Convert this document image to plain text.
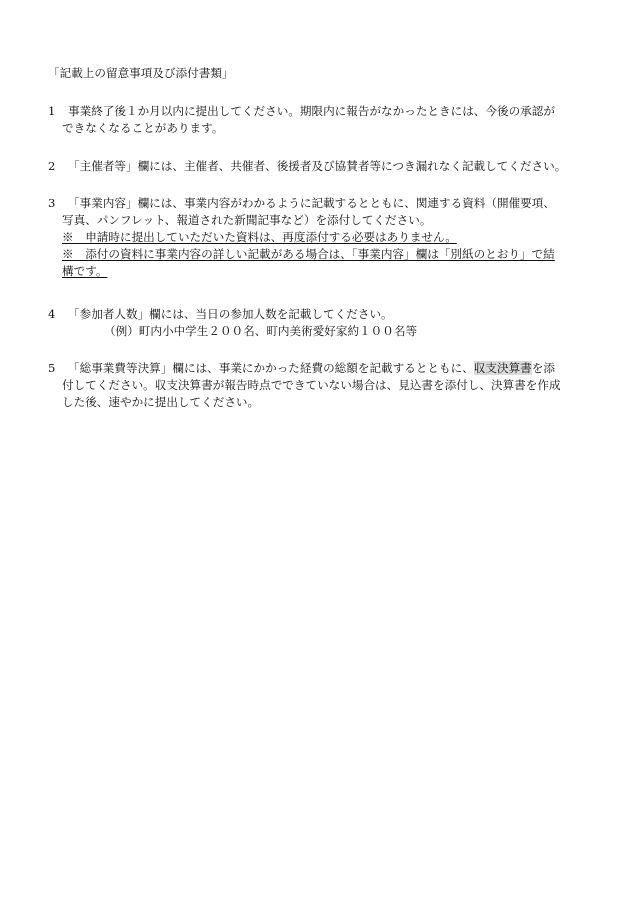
「記載上の留意事項及び添付書類」
1 事業終了後１か月以内に提出してください。期限内に報告がなかったときには、今後の承認が
できなくなることがあります。
2 「主催者等」欄には、主催者、共催者、後援者及び協賛者等につき漏れなく記載してください。
3 「事業内容」欄には、事業内容がわかるように記載するとともに、関連する資料（開催要項、
写真、パンフレット、報道された新聞記事など）を添付してください。
※　申請時に提出していただいた資料は、再度添付する必要はありません。
※　添付の資料に事業内容の詳しい記載がある場合は、「事業内容」欄は「別紙のとおり」で結
構です。
4 「参加者人数」欄には、当日の参加人数を記載してください。
（例）町内小中学生２００名、町内美術愛好家約１００名等
5 「総事業費等決算」欄には、事業にかかった経費の総額を記載するとともに、収支決算書を添
付してください。収支決算書が報告時点でできていない場合は、見込書を添付し、決算書を作成
した後、速やかに提出してください。
